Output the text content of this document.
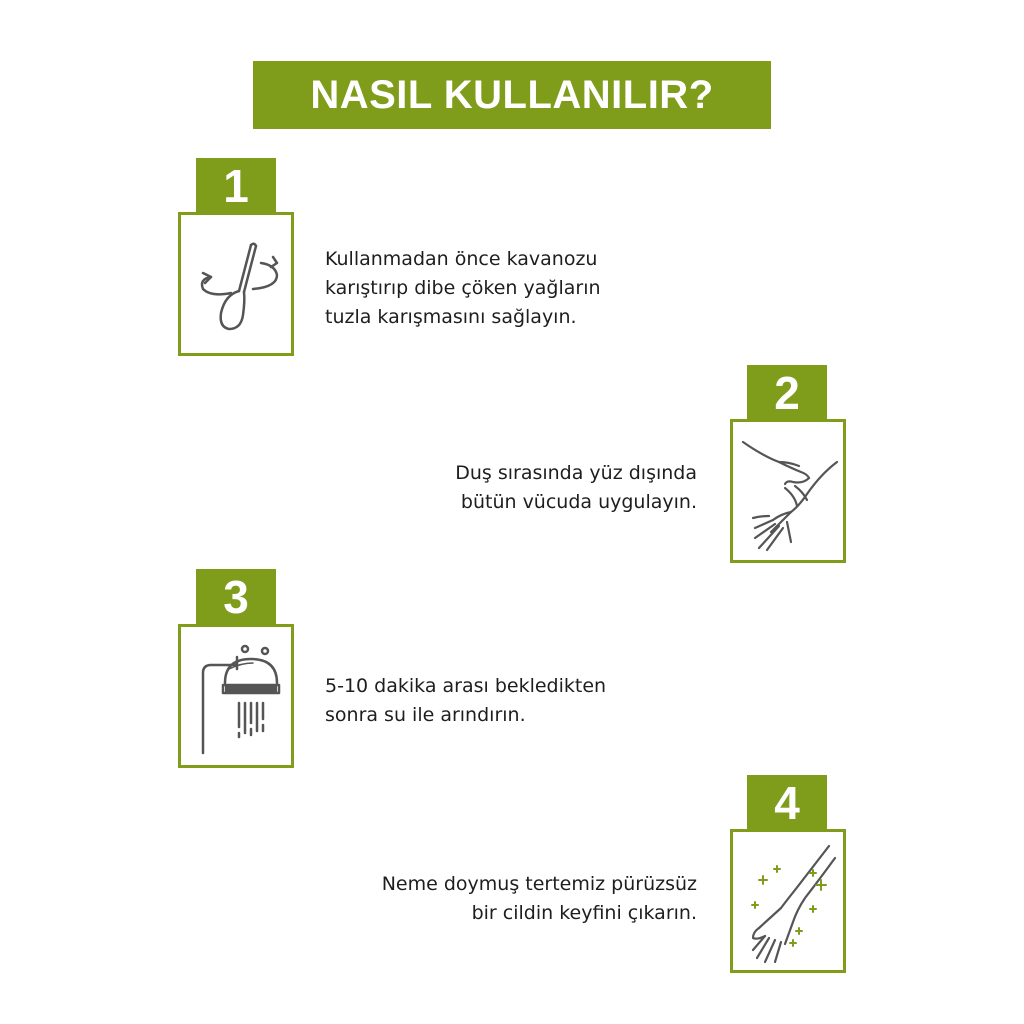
NASIL KULLANILIR?
1
Kullanmadan önce kavanozu
karıştırıp dibe çöken yağların
tuzla karışmasını sağlayın.
2
Duş sırasında yüz dışında
bütün vücuda uygulayın.
3
5-10 dakika arası bekledikten
sonra su ile arındırın.
4
Neme doymuş tertemiz pürüzsüz
bir cildin keyfini çıkarın.
